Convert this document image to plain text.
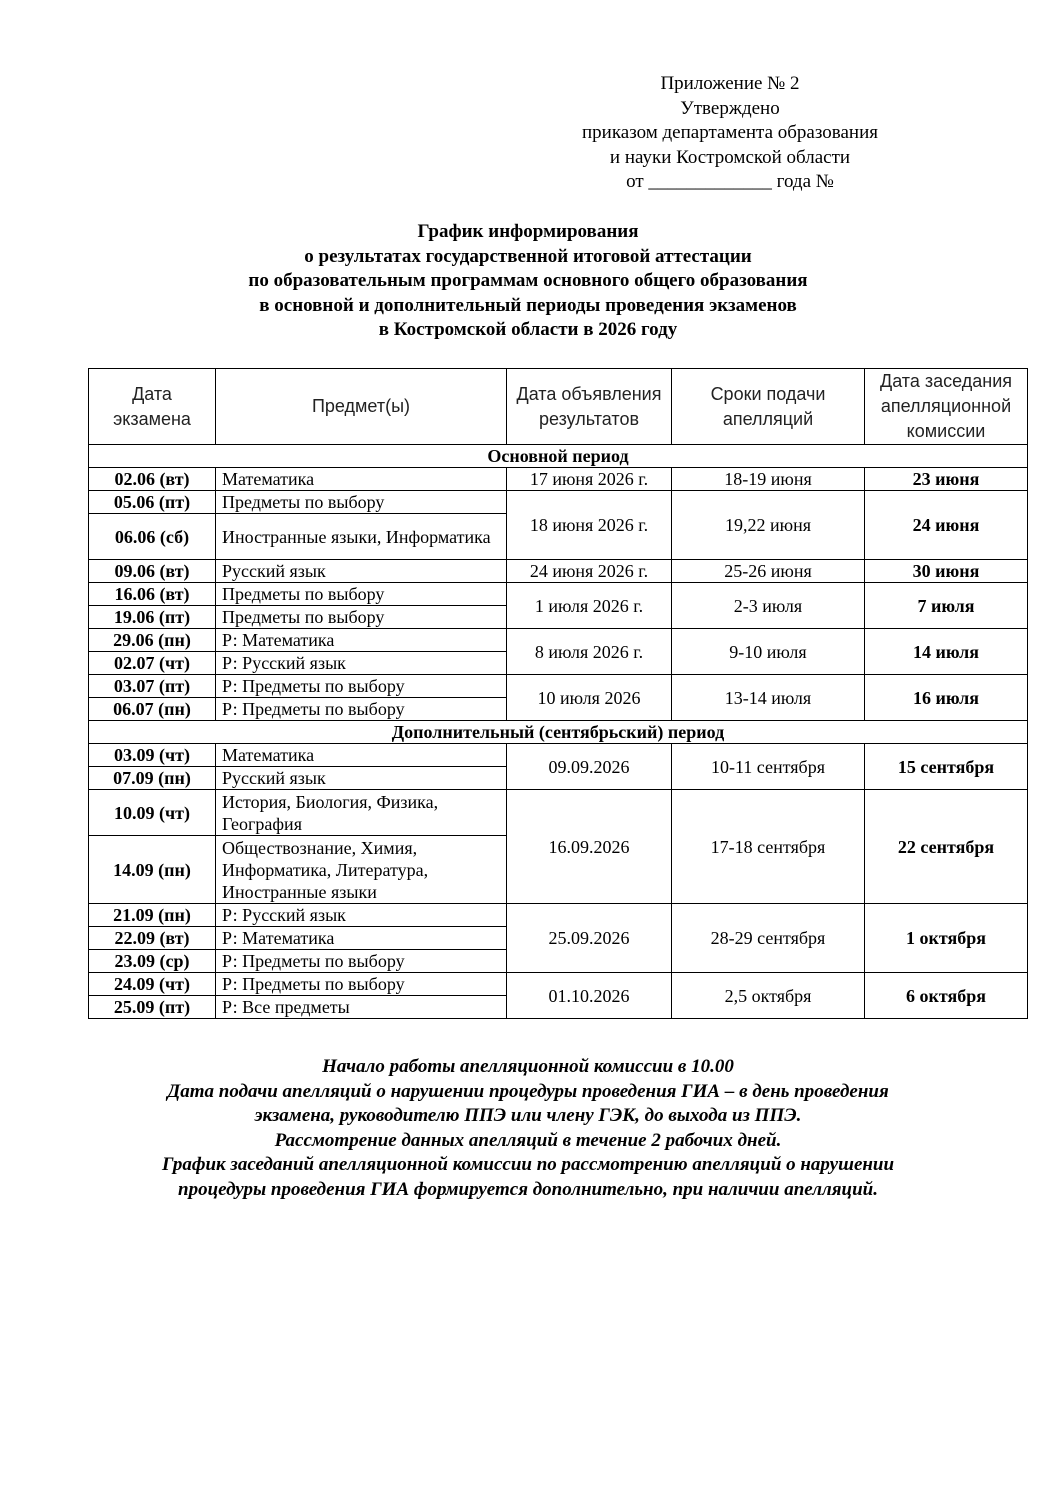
Приложение № 2
Утверждено
приказом департамента образования
и науки Костромской области
от _____________ года №
График информирования
о результатах государственной итоговой аттестации
по образовательным программам основного общего образования
в основной и дополнительный периоды проведения экзаменов
в Костромской области в 2026 году
Дата экзамена	Предмет(ы)	Дата объявления результатов	Сроки подачи апелляций	Дата заседания апелляционной комиссии
Основной период				
02.06 (вт)	Математика	17 июня 2026 г.	18-19 июня	23 июня
05.06 (пт)	Предметы по выбору	18 июня 2026 г.	19,22 июня	24 июня
06.06 (сб)	Иностранные языки, Информатика			
09.06 (вт)	Русский язык	24 июня 2026 г.	25-26 июня	30 июня
16.06 (вт)	Предметы по выбору	1 июля 2026 г.	2-3 июля	7 июля
19.06 (пт)	Предметы по выбору			
29.06 (пн)	Р: Математика	8 июля 2026 г.	9-10 июля	14 июля
02.07 (чт)	Р: Русский язык			
03.07 (пт)	Р: Предметы по выбору	10 июля 2026	13-14 июля	16 июля
06.07 (пн)	Р: Предметы по выбору			
Дополнительный (сентябрьский) период				
03.09 (чт)	Математика	09.09.2026	10-11 сентября	15 сентября
07.09 (пн)	Русский язык			
10.09 (чт)	История, Биология, Физика, География	16.09.2026	17-18 сентября	22 сентября
14.09 (пн)	Обществознание, Химия, Информатика, Литература, Иностранные языки			
21.09 (пн)	Р: Русский язык	25.09.2026	28-29 сентября	1 октября
22.09 (вт)	Р: Математика			
23.09 (ср)	Р: Предметы по выбору			
24.09 (чт)	Р: Предметы по выбору	01.10.2026	2,5 октября	6 октября
25.09 (пт)	Р: Все предметы			
Начало работы апелляционной комиссии в 10.00
Дата подачи апелляций о нарушении процедуры проведения ГИА – в день проведения
экзамена, руководителю ППЭ или члену ГЭК, до выхода из ППЭ.
Рассмотрение данных апелляций в течение 2 рабочих дней.
График заседаний апелляционной комиссии по рассмотрению апелляций о нарушении
процедуры проведения ГИА формируется дополнительно, при наличии апелляций.
